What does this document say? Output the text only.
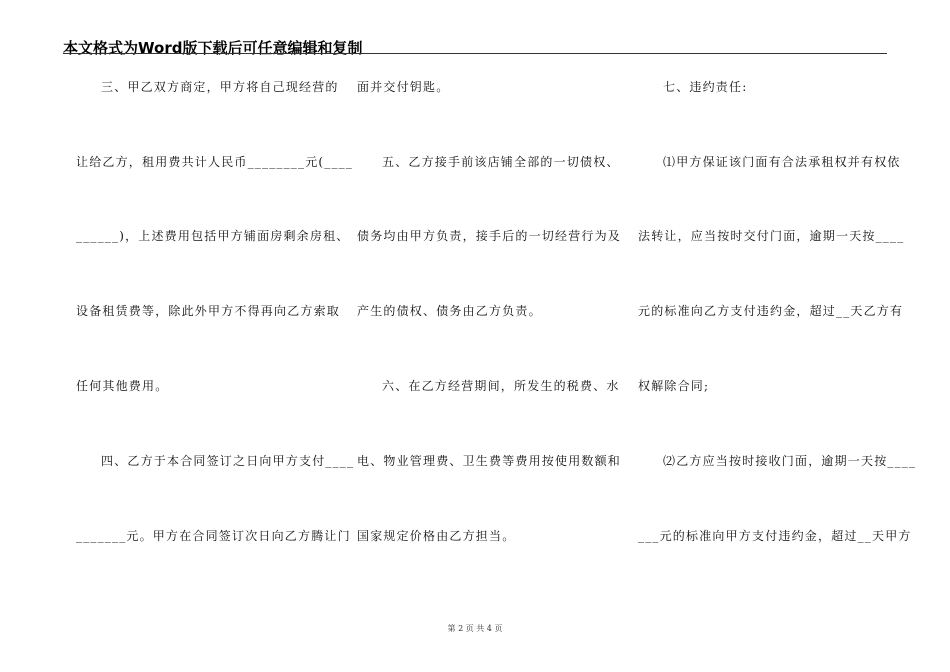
本文格式为Word版下载后可任意编辑和复制
三、甲乙双方商定，甲方将自己现经营的
让给乙方，租用费共计人民币________元(____
______)，上述费用包括甲方铺面房剩余房租、
设备租赁费等，除此外甲方不得再向乙方索取
任何其他费用。
四、乙方于本合同签订之日向甲方支付____
_______元。甲方在合同签订次日向乙方腾让门
面并交付钥匙。
五、乙方接手前该店铺全部的一切债权、
债务均由甲方负责，接手后的一切经营行为及
产生的债权、债务由乙方负责。
六、在乙方经营期间，所发生的税费、水
电、物业管理费、卫生费等费用按使用数额和
国家规定价格由乙方担当。
七、违约责任:
⑴甲方保证该门面有合法承租权并有权依
法转让，应当按时交付门面，逾期一天按____
元的标准向乙方支付违约金，超过__天乙方有
权解除合同;
⑵乙方应当按时接收门面，逾期一天按____
___元的标准向甲方支付违约金，超过__天甲方
第 2 页 共 4 页
